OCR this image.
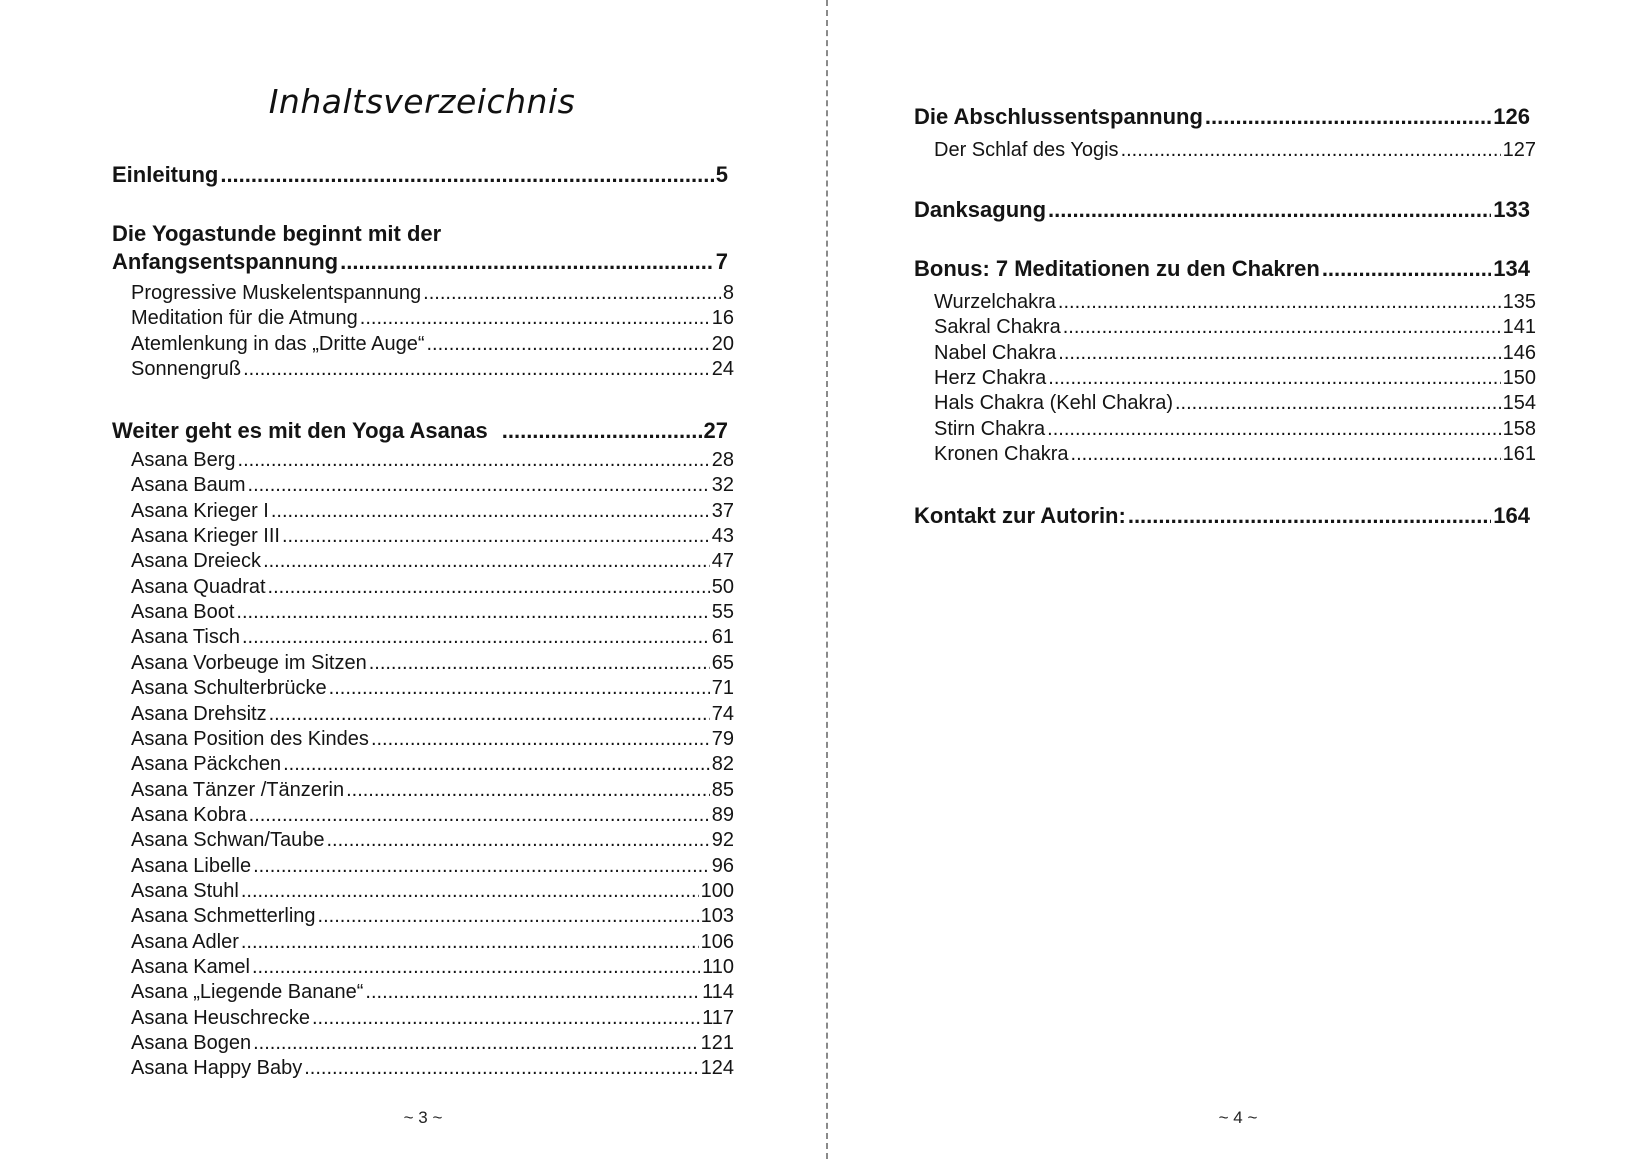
Inhaltsverzeichnis
Einleitung .....	5
Die Yogastunde beginnt mit der
Anfangsentspannung .....	7
Progressive Muskelentspannung .....	8
Meditation für die Atmung .....	16
Atemlenkung in das „Dritte Auge“ .....	20
Sonnengruß .....	24
Weiter geht es mit den Yoga Asanas .....	27
Asana Berg .....	28
Asana Baum .....	32
Asana Krieger I .....	37
Asana Krieger III .....	43
Asana Dreieck .....	47
Asana Quadrat .....	50
Asana Boot .....	55
Asana Tisch .....	61
Asana Vorbeuge im Sitzen .....	65
Asana Schulterbrücke .....	71
Asana Drehsitz .....	74
Asana Position des Kindes .....	79
Asana Päckchen .....	82
Asana Tänzer /Tänzerin .....	85
Asana Kobra .....	89
Asana Schwan/Taube .....	92
Asana Libelle .....	96
Asana Stuhl .....	100
Asana Schmetterling .....	103
Asana Adler .....	106
Asana Kamel .....	110
Asana „Liegende Banane“ .....	114
Asana Heuschrecke .....	117
Asana Bogen .....	121
Asana Happy Baby .....	124
~ 3 ~
Die Abschlussentspannung .....	126
Der Schlaf des Yogis .....	127
Danksagung .....	133
Bonus: 7 Meditationen zu den Chakren .....	134
Wurzelchakra .....	135
Sakral Chakra .....	141
Nabel Chakra .....	146
Herz Chakra .....	150
Hals Chakra (Kehl Chakra) .....	154
Stirn Chakra .....	158
Kronen Chakra .....	161
Kontakt zur Autorin: .....	164
~ 4 ~
